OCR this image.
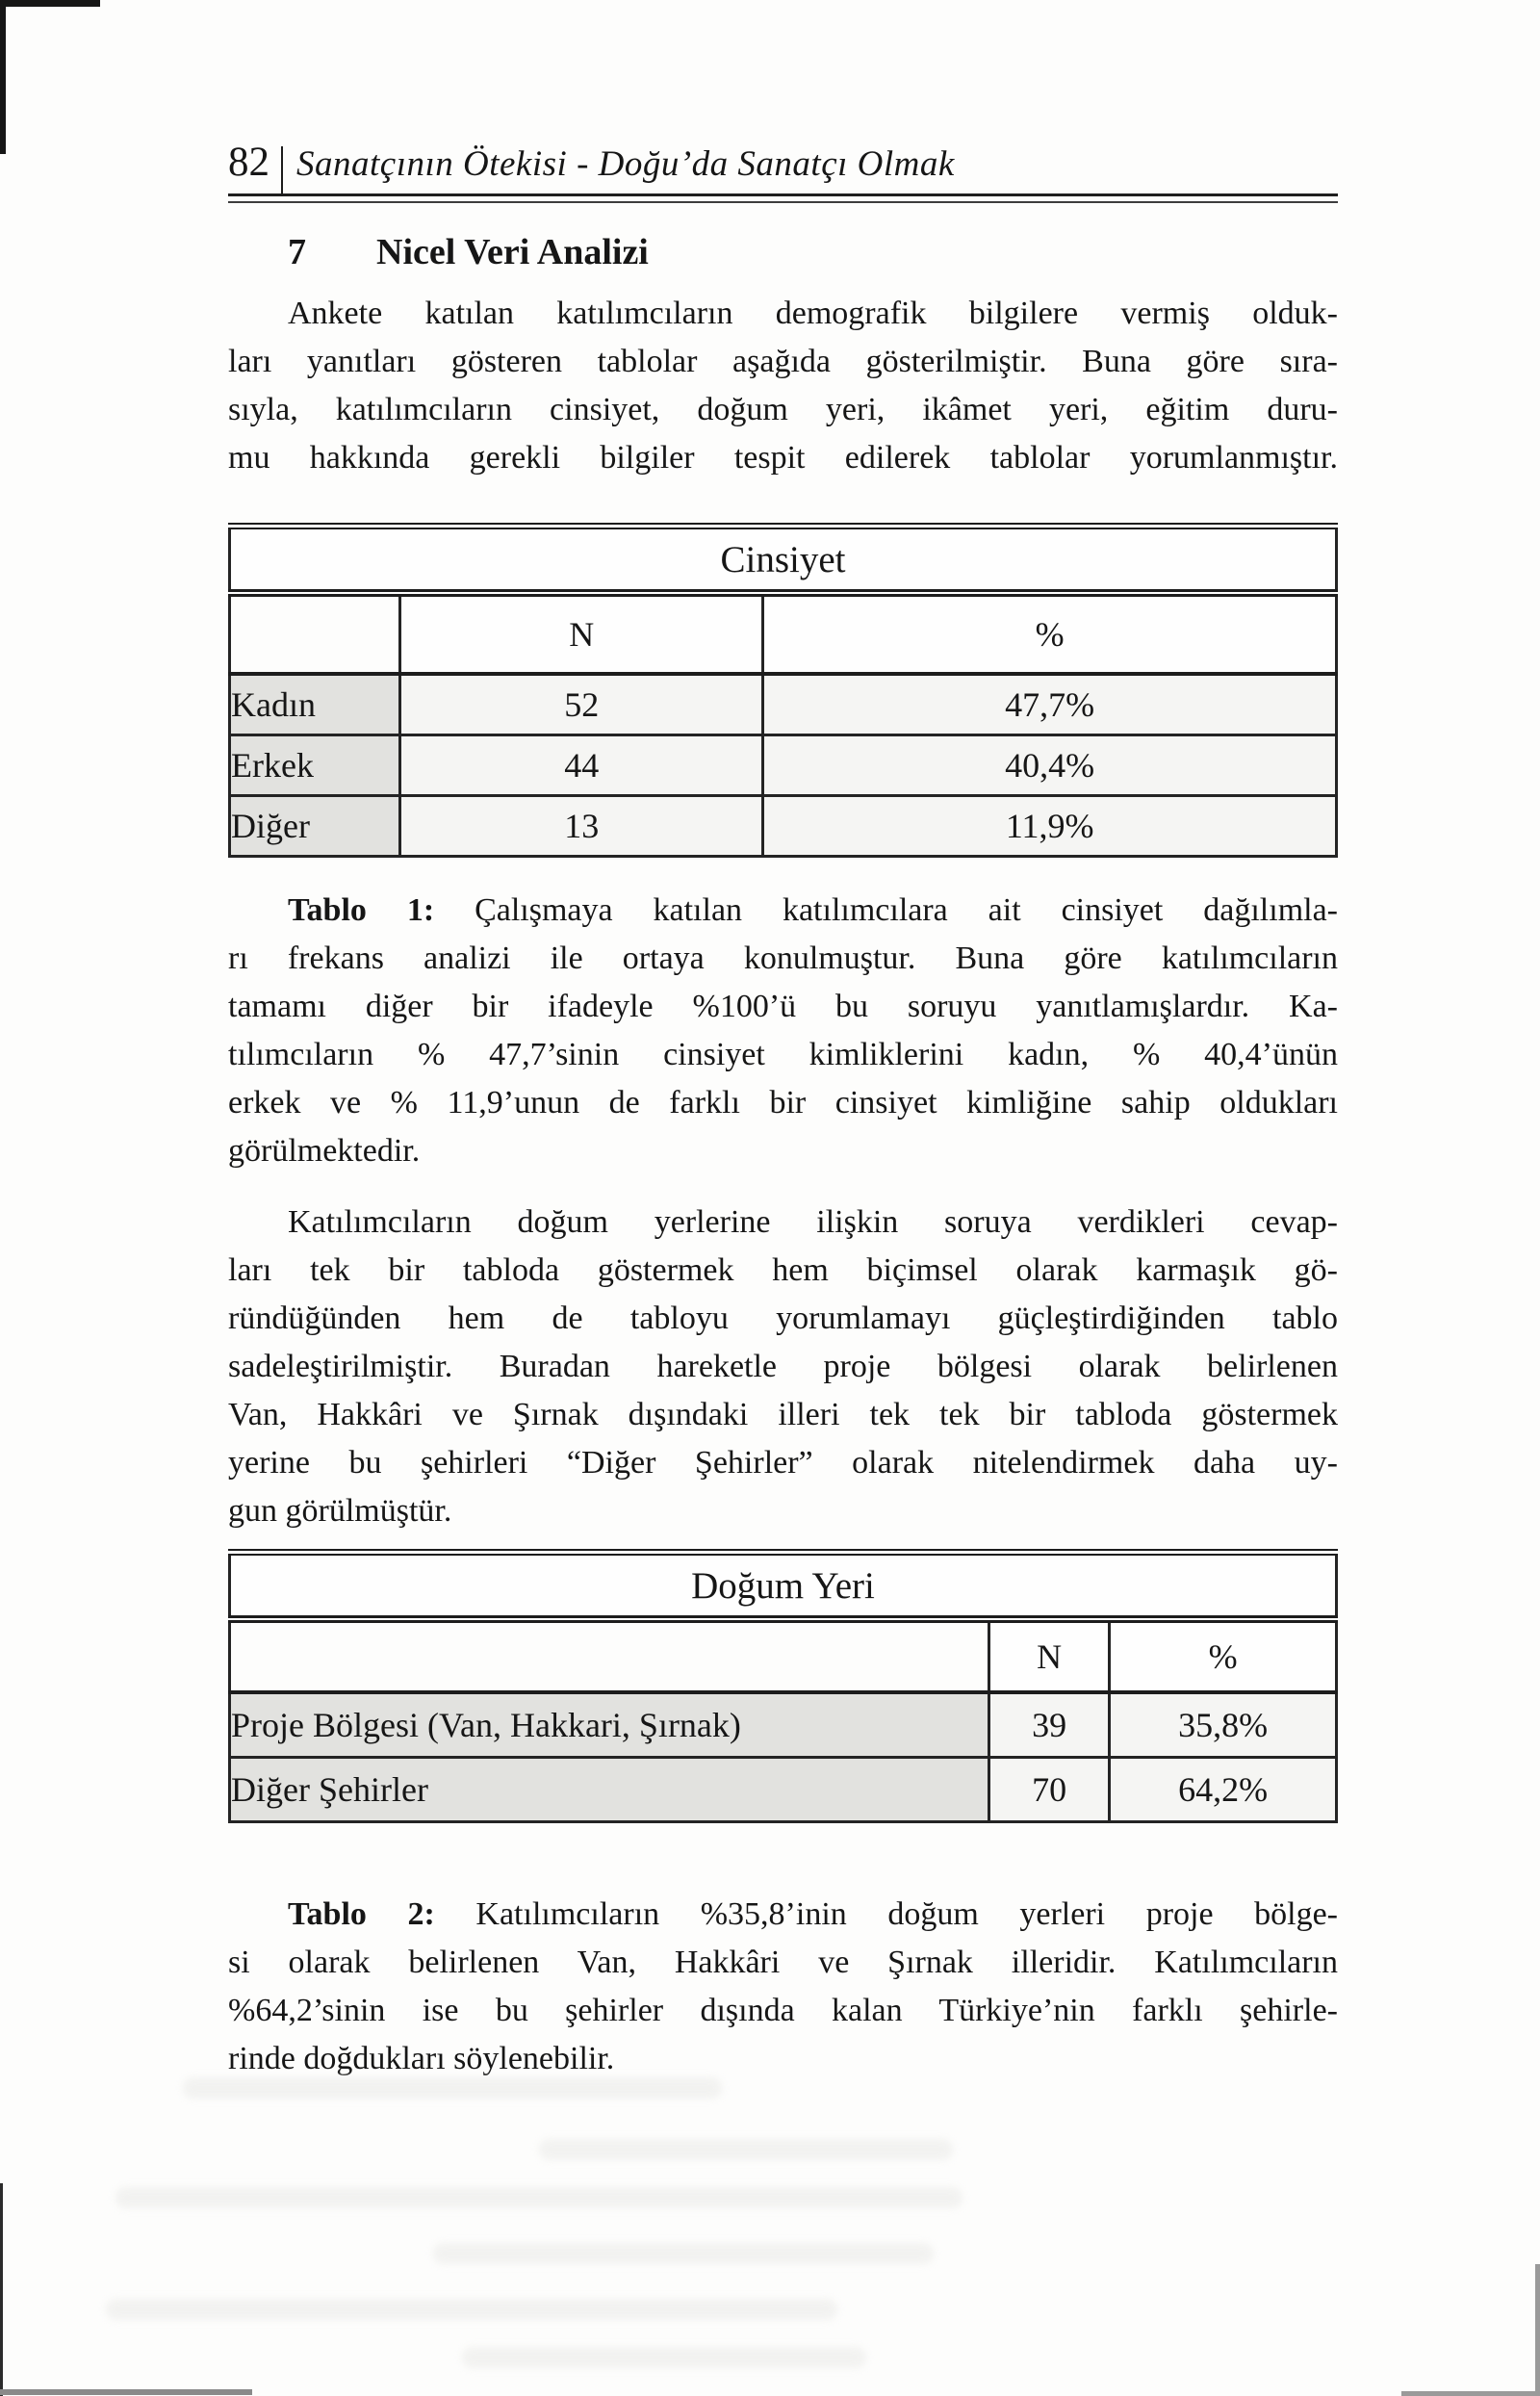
82 Sanatçının Ötekisi - Doğu’da Sanatçı Olmak
7	Nicel Veri Analizi
Ankete katılan katılımcıların demografik bilgilere vermiş olduk-
ları yanıtları gösteren tablolar aşağıda gösterilmiştir. Buna göre sıra-
sıyla, katılımcıların cinsiyet, doğum yeri, ikâmet yeri, eğitim duru-
mu hakkında gerekli bilgiler tespit edilerek tablolar yorumlanmıştır.
Cinsiyet		
	N	%
Kadın	52	47,7%
Erkek	44	40,4%
Diğer	13	11,9%
Tablo 1: Çalışmaya katılan katılımcılara ait cinsiyet dağılımla-
rı frekans analizi ile ortaya konulmuştur. Buna göre katılımcıların
tamamı diğer bir ifadeyle %100’ü bu soruyu yanıtlamışlardır. Ka-
tılımcıların % 47,7’sinin cinsiyet kimliklerini kadın, % 40,4’ünün
erkek ve % 11,9’unun de farklı bir cinsiyet kimliğine sahip oldukları
görülmektedir.
Katılımcıların doğum yerlerine ilişkin soruya verdikleri cevap-
ları tek bir tabloda göstermek hem biçimsel olarak karmaşık gö-
ründüğünden hem de tabloyu yorumlamayı güçleştirdiğinden tablo
sadeleştirilmiştir. Buradan hareketle proje bölgesi olarak belirlenen
Van, Hakkâri ve Şırnak dışındaki illeri tek tek bir tabloda göstermek
yerine bu şehirleri “Diğer Şehirler” olarak nitelendirmek daha uy-
gun görülmüştür.
Doğum Yeri		
	N	%
Proje Bölgesi (Van, Hakkari, Şırnak)	39	35,8%
Diğer Şehirler	70	64,2%
Tablo 2: Katılımcıların %35,8’inin doğum yerleri proje bölge-
si olarak belirlenen Van, Hakkâri ve Şırnak illeridir. Katılımcıların
%64,2’sinin ise bu şehirler dışında kalan Türkiye’nin farklı şehirle-
rinde doğdukları söylenebilir.
